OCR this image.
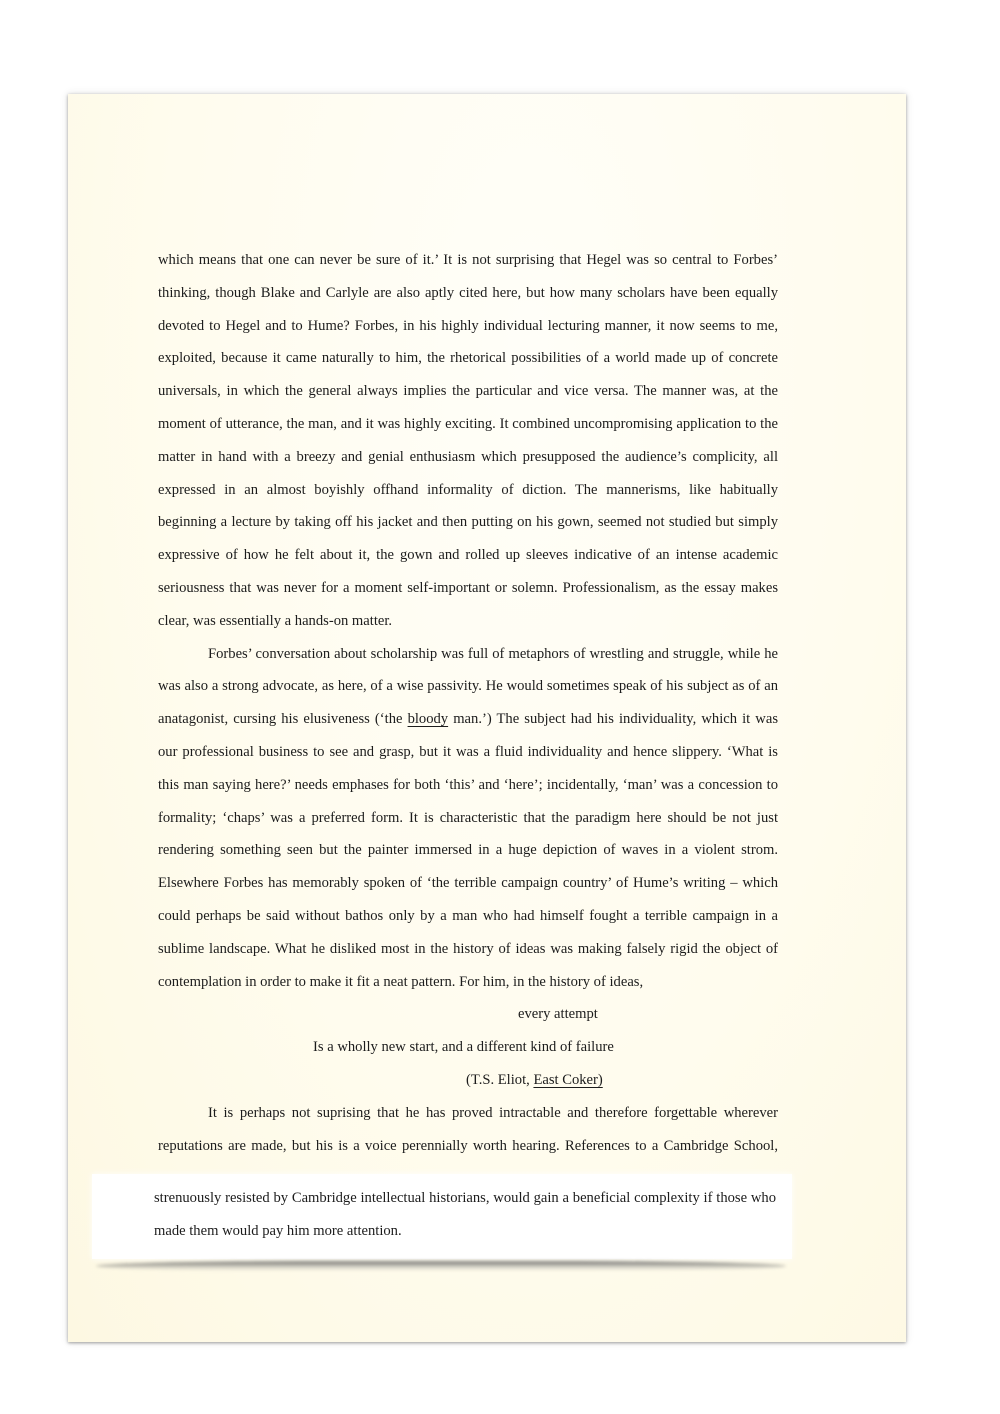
which means that one can never be sure of it.’ It is not surprising that Hegel was so central to Forbes’ thinking, though Blake and Carlyle are also aptly cited here, but how many scholars have been equally devoted to Hegel and to Hume? Forbes, in his highly individual lecturing manner, it now seems to me, exploited, because it came naturally to him, the rhetorical possibilities of a world made up of concrete universals, in which the general always implies the particular and vice versa. The manner was, at the moment of utterance, the man, and it was highly exciting. It combined uncompromising application to the matter in hand with a breezy and genial enthusiasm which presupposed the audience’s complicity, all expressed in an almost boyishly offhand informality of diction. The mannerisms, like habitually beginning a lecture by taking off his jacket and then putting on his gown, seemed not studied but simply expressive of how he felt about it, the gown and rolled up sleeves indicative of an intense academic seriousness that was never for a moment self-important or solemn. Professionalism, as the essay makes clear, was essentially a hands-on matter.

Forbes’ conversation about scholarship was full of metaphors of wrestling and struggle, while he was also a strong advocate, as here, of a wise passivity. He would sometimes speak of his subject as of an anatagonist, cursing his elusiveness (‘the bloody man.’) The subject had his individuality, which it was our professional business to see and grasp, but it was a fluid individuality and hence slippery. ‘What is this man saying here?’ needs emphases for both ‘this’ and ‘here’; incidentally, ‘man’ was a concession to formality; ‘chaps’ was a preferred form. It is characteristic that the paradigm here should be not just rendering something seen but the painter immersed in a huge depiction of waves in a violent strom. Elsewhere Forbes has memorably spoken of ‘the terrible campaign country’ of Hume’s writing – which could perhaps be said without bathos only by a man who had himself fought a terrible campaign in a sublime landscape. What he disliked most in the history of ideas was making falsely rigid the object of contemplation in order to make it fit a neat pattern. For him, in the history of ideas,

every attempt
Is a wholly new start, and a different kind of failure
(T.S. Eliot, East Coker)

It is perhaps not suprising that he has proved intractable and therefore forgettable wherever reputations are made, but his is a voice perennially worth hearing. References to a Cambridge School,

strenuously resisted by Cambridge intellectual historians, would gain a beneficial complexity if those who made them would pay him more attention.
